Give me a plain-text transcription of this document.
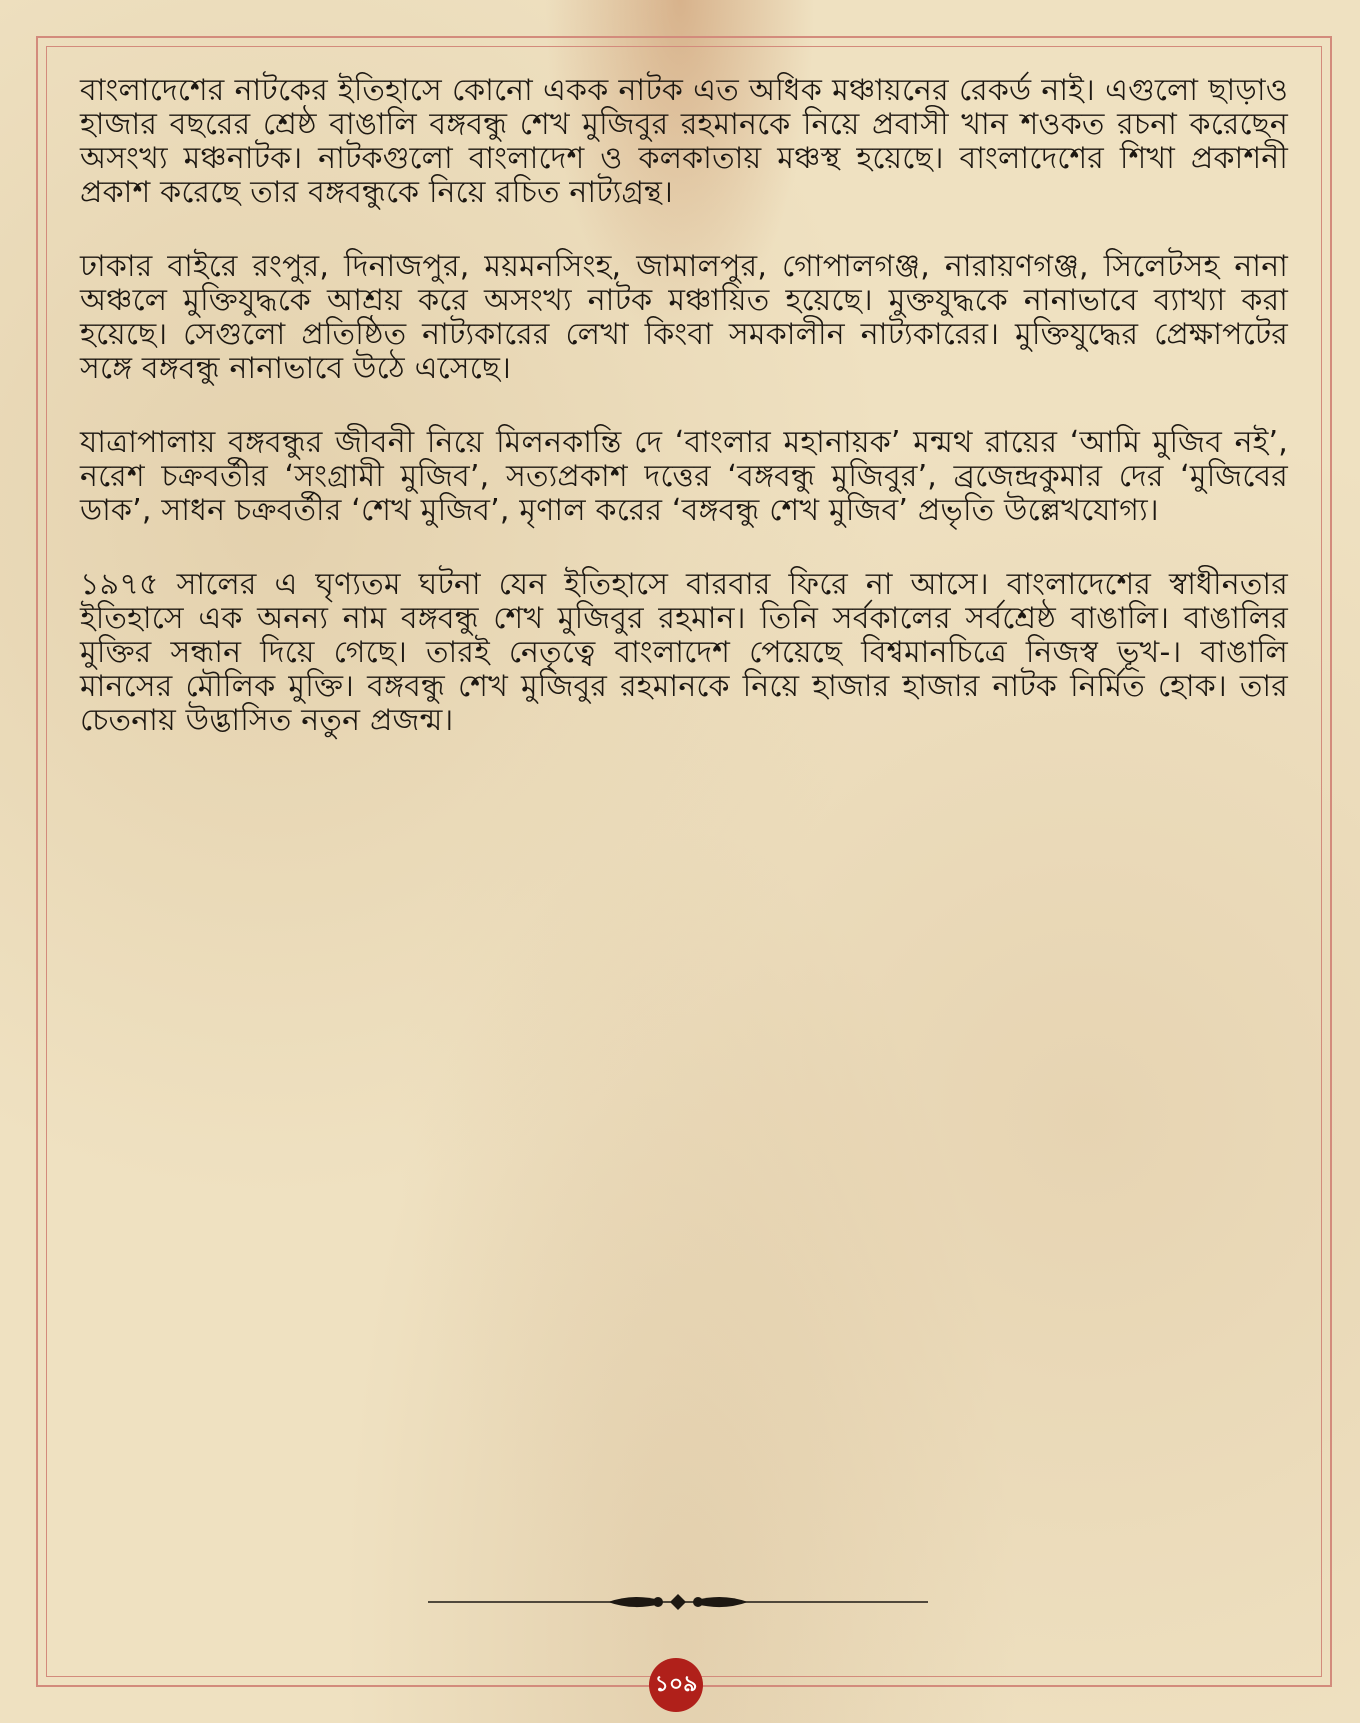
বাংলাদেশের নাটকের ইতিহাসে কোনো একক নাটক এত অধিক মঞ্চায়নের রেকর্ড নাই। এগুলো ছাড়াও হাজার বছরের শ্রেষ্ঠ বাঙালি বঙ্গবন্ধু শেখ মুজিবুর রহমানকে নিয়ে প্রবাসী খান শওকত রচনা করেছেন অসংখ্য মঞ্চনাটক। নাটকগুলো বাংলাদেশ ও কলকাতায় মঞ্চস্থ হয়েছে। বাংলাদেশের শিখা প্রকাশনী প্রকাশ করেছে তার বঙ্গবন্ধুকে নিয়ে রচিত নাট্যগ্রন্থ।

ঢাকার বাইরে রংপুর, দিনাজপুর, ময়মনসিংহ, জামালপুর, গোপালগঞ্জ, নারায়ণগঞ্জ, সিলেটসহ নানা অঞ্চলে মুক্তিযুদ্ধকে আশ্রয় করে অসংখ্য নাটক মঞ্চায়িত হয়েছে। মুক্তযুদ্ধকে নানাভাবে ব্যাখ্যা করা হয়েছে। সেগুলো প্রতিষ্ঠিত নাট্যকারের লেখা কিংবা সমকালীন নাট্যকারের। মুক্তিযুদ্ধের প্রেক্ষাপটের সঙ্গে বঙ্গবন্ধু নানাভাবে উঠে এসেছে।

যাত্রাপালায় বঙ্গবন্ধুর জীবনী নিয়ে মিলনকান্তি দে ‘বাংলার মহানায়ক’ মন্মথ রায়ের ‘আমি মুজিব নই’, নরেশ চক্রবর্তীর ‘সংগ্রামী মুজিব’, সত্যপ্রকাশ দত্তের ‘বঙ্গবন্ধু মুজিবুর’, ব্রজেন্দ্রকুমার দের ‘মুজিবের ডাক’, সাধন চক্রবর্তীর ‘শেখ মুজিব’, মৃণাল করের ‘বঙ্গবন্ধু শেখ মুজিব’ প্রভৃতি উল্লেখযোগ্য।

১৯৭৫ সালের এ ঘৃণ্যতম ঘটনা যেন ইতিহাসে বারবার ফিরে না আসে। বাংলাদেশের স্বাধীনতার ইতিহাসে এক অনন্য নাম বঙ্গবন্ধু শেখ মুজিবুর রহমান। তিনি সর্বকালের সর্বশ্রেষ্ঠ বাঙালি। বাঙালির মুক্তির সন্ধান দিয়ে গেছে। তারই নেতৃত্বে বাংলাদেশ পেয়েছে বিশ্বমানচিত্রে নিজস্ব ভূখ-। বাঙালি মানসের মৌলিক মুক্তি। বঙ্গবন্ধু শেখ মুজিবুর রহমানকে নিয়ে হাজার হাজার নাটক নির্মিত হোক। তার চেতনায় উদ্ভাসিত নতুন প্রজন্ম।

১০৯
